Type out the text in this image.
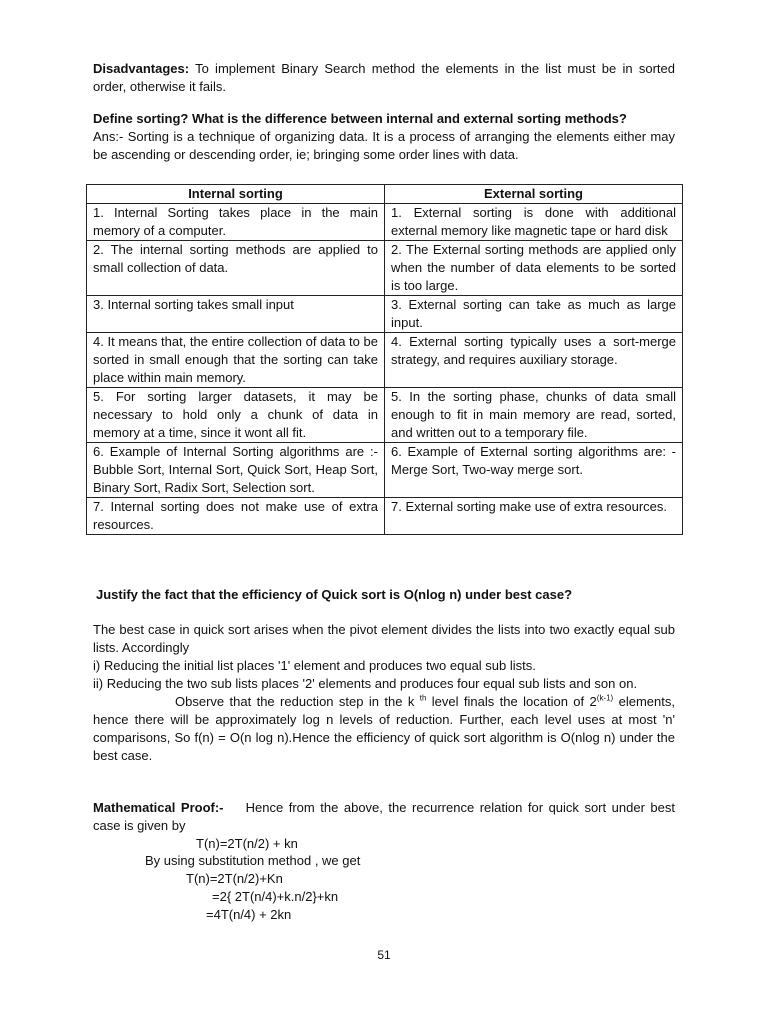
Disadvantages: To implement Binary Search method the elements in the list must be in sorted order, otherwise it fails.

Define sorting? What is the difference between internal and external sorting methods?

Ans:- Sorting is a technique of organizing data. It is a process of arranging the elements either may be ascending or descending order, ie; bringing some order lines with data.

Internal sorting	External sorting
1. Internal Sorting takes place in the main memory of a computer.	1. External sorting is done with additional external memory like magnetic tape or hard disk
2. The internal sorting methods are applied to small collection of data.	2. The External sorting methods are applied only when the number of data elements to be sorted is too large.
3. Internal sorting takes small input	3. External sorting can take as much as large input.
4. It means that, the entire collection of data to be sorted in small enough that the sorting can take place within main memory.	4. External sorting typically uses a sort-merge strategy, and requires auxiliary storage.
5. For sorting larger datasets, it may be necessary to hold only a chunk of data in memory at a time, since it wont all fit.	5. In the sorting phase, chunks of data small enough to fit in main memory are read, sorted, and written out to a temporary file.
6. Example of Internal Sorting algorithms are :- Bubble Sort, Internal Sort, Quick Sort, Heap Sort, Binary Sort, Radix Sort, Selection sort.	6. Example of External sorting algorithms are: - Merge Sort, Two-way merge sort.
7. Internal sorting does not make use of extra resources.	7. External sorting make use of extra resources.
Justify the fact that the efficiency of Quick sort is O(nlog n) under best case?

The best case in quick sort arises when the pivot element divides the lists into two exactly equal sub lists. Accordingly

i) Reducing the initial list places '1' element and produces two equal sub lists.

ii) Reducing the two sub lists places '2' elements and produces four equal sub lists and son on.

Observe that the reduction step in the k $^{th}$ level finals the location of 2$^{(k-1)}$ elements, hence there will be approximately log n levels of reduction. Further, each level uses at most 'n' comparisons, So f(n) = O(n log n).Hence the efficiency of quick sort algorithm is O(nlog n) under the best case.

Mathematical Proof:-    Hence from the above, the recurrence relation for quick sort under best case is given by

T(n)=2T(n/2) + kn
By using substitution method , we get
T(n)=2T(n/2)+Kn
=2{ 2T(n/4)+k.n/2}+kn
=4T(n/4) + 2kn
51
